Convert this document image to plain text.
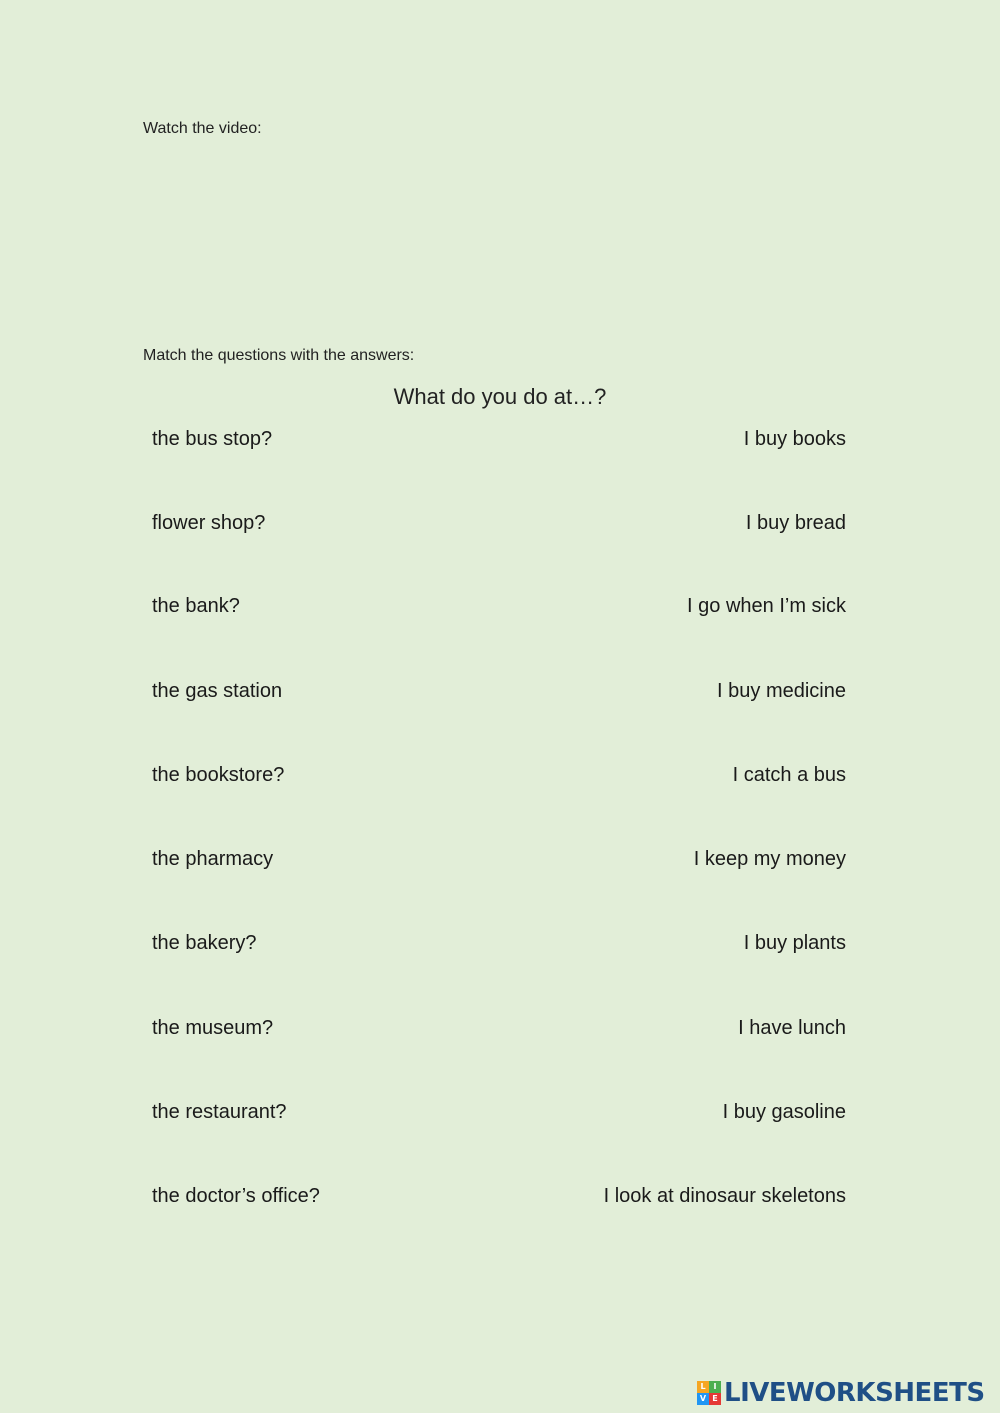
Watch the video:
Match the questions with the answers:
What do you do at…?
the bus stop?	I buy books
flower shop?	I buy bread
the bank?	I go when I’m sick
the gas station	I buy medicine
the bookstore?	I catch a bus
the pharmacy	I keep my money
the bakery?	I buy plants
the museum?	I have lunch
the restaurant?	I buy gasoline
the doctor’s office?	I look at dinosaur skeletons
L I
V E LIVEWORKSHEETS
